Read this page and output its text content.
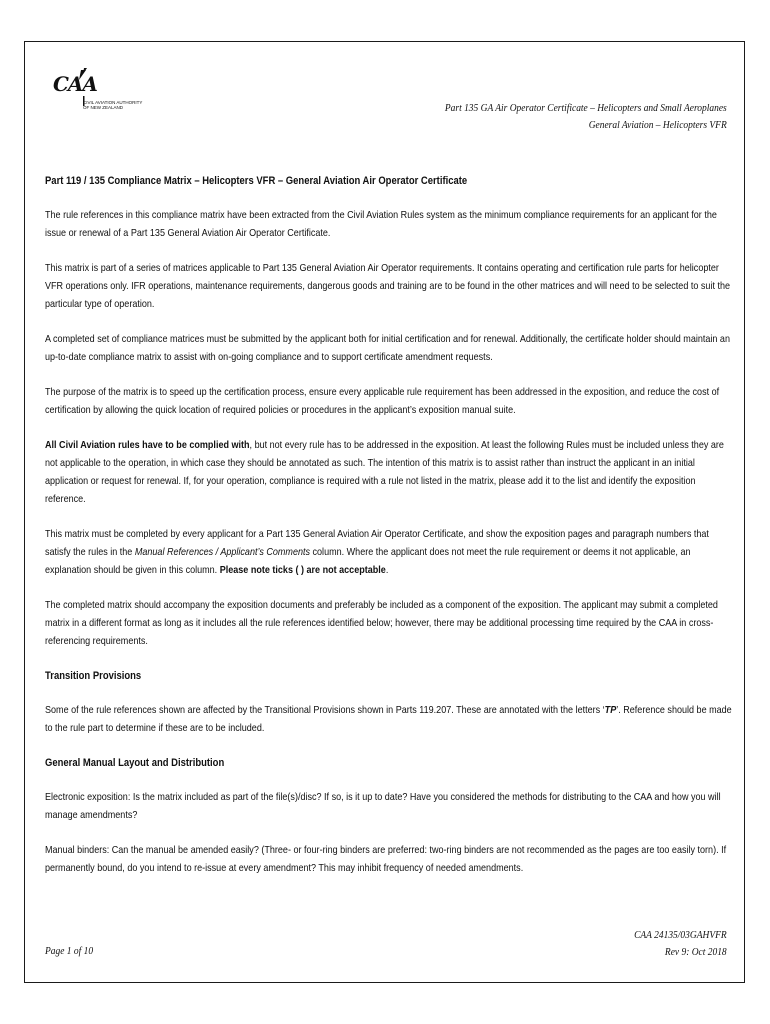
CAA
CIVIL AVIATION AUTHORITY
OF NEW ZEALAND	Part 135 GA Air Operator Certificate – Helicopters and Small Aeroplanes
General Aviation – Helicopters VFR

Part 119 / 135 Compliance Matrix – Helicopters VFR – General Aviation Air Operator Certificate

The rule references in this compliance matrix have been extracted from the Civil Aviation Rules system as the minimum compliance requirements for an applicant for the issue or renewal of a Part 135 General Aviation Air Operator Certificate.

This matrix is part of a series of matrices applicable to Part 135 General Aviation Air Operator requirements. It contains operating and certification rule parts for helicopter VFR operations only. IFR operations, maintenance requirements, dangerous goods and training are to be found in the other matrices and will need to be selected to suit the particular type of operation.

A completed set of compliance matrices must be submitted by the applicant both for initial certification and for renewal. Additionally, the certificate holder should maintain an up-to-date compliance matrix to assist with on-going compliance and to support certificate amendment requests.

The purpose of the matrix is to speed up the certification process, ensure every applicable rule requirement has been addressed in the exposition, and reduce the cost of certification by allowing the quick location of required policies or procedures in the applicant’s exposition manual suite.

All Civil Aviation rules have to be complied with, but not every rule has to be addressed in the exposition. At least the following Rules must be included unless they are not applicable to the operation, in which case they should be annotated as such. The intention of this matrix is to assist rather than instruct the applicant in an initial application or request for renewal. If, for your operation, compliance is required with a rule not listed in the matrix, please add it to the list and identify the exposition reference.

This matrix must be completed by every applicant for a Part 135 General Aviation Air Operator Certificate, and show the exposition pages and paragraph numbers that satisfy the rules in the Manual References / Applicant’s Comments column. Where the applicant does not meet the rule requirement or deems it not applicable, an explanation should be given in this column. Please note ticks ( ) are not acceptable.

The completed matrix should accompany the exposition documents and preferably be included as a component of the exposition. The applicant may submit a completed matrix in a different format as long as it includes all the rule references identified below; however, there may be additional processing time required by the CAA in cross-referencing requirements.

Transition Provisions

Some of the rule references shown are affected by the Transitional Provisions shown in Parts 119.207. These are annotated with the letters ‘TP’. Reference should be made to the rule part to determine if these are to be included.

General Manual Layout and Distribution

Electronic exposition: Is the matrix included as part of the file(s)/disc? If so, is it up to date? Have you considered the methods for distributing to the CAA and how you will manage amendments?

Manual binders: Can the manual be amended easily? (Three- or four-ring binders are preferred: two-ring binders are not recommended as the pages are too easily torn). If permanently bound, do you intend to re-issue at every amendment? This may inhibit frequency of needed amendments.

Page 1 of 10
CAA 24135/03GAHVFR
Rev 9: Oct 2018
